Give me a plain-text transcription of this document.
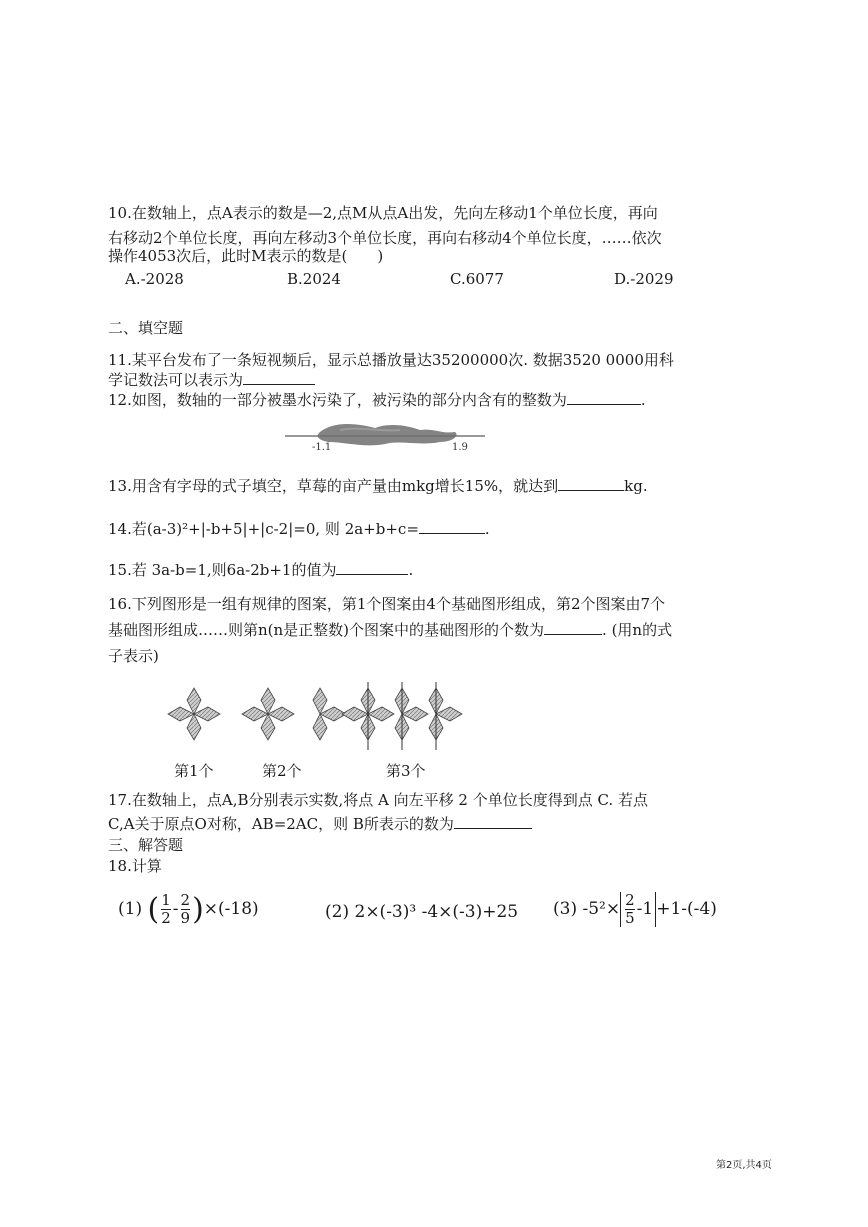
10.在数轴上，点A表示的数是—2,点M从点A出发，先向左移动1个单位长度，再向
右移动2个单位长度，再向左移动3个单位长度，再向右移动4个单位长度，……依次
操作4053次后，此时M表示的数是(　　)
A.-2028	B.2024	C.6077	D.-2029
二、填空题
11.某平台发布了一条短视频后，显示总播放量达35200000次. 数据3520 0000用科
学记数法可以表示为
12.如图，数轴的一部分被墨水污染了，被污染的部分内含有的整数为	.
-1.1	1.9
13.用含有字母的式子填空，草莓的亩产量由mkg增长15%，就达到	kg.
14.若(a-3)²+|-b+5|+|c-2|=0, 则 2a+b+c=	.
15.若 3a-b=1,则6a-2b+1的值为	.
16.下列图形是一组有规律的图案，第1个图案由4个基础图形组成，第2个图案由7个
基础图形组成……则第n(n是正整数)个图案中的基础图形的个数为	. (用n的式
子表示)
第1个	第2个	第3个
17.在数轴上，点A,B分别表示实数,将点 A 向左平移 2 个单位长度得到点 C. 若点
C,A关于原点O对称，AB=2AC，则 B所表示的数为
三、解答题
18.计算
(1) ( $\frac{1}{2} - \frac{2}{9} )\times(-18)$	(2) 2×(-3)³ -4×(-3)+25 (3) $-5^2\times \frac{2}{5} -1 +1-(-4)$
第2页,共4页
